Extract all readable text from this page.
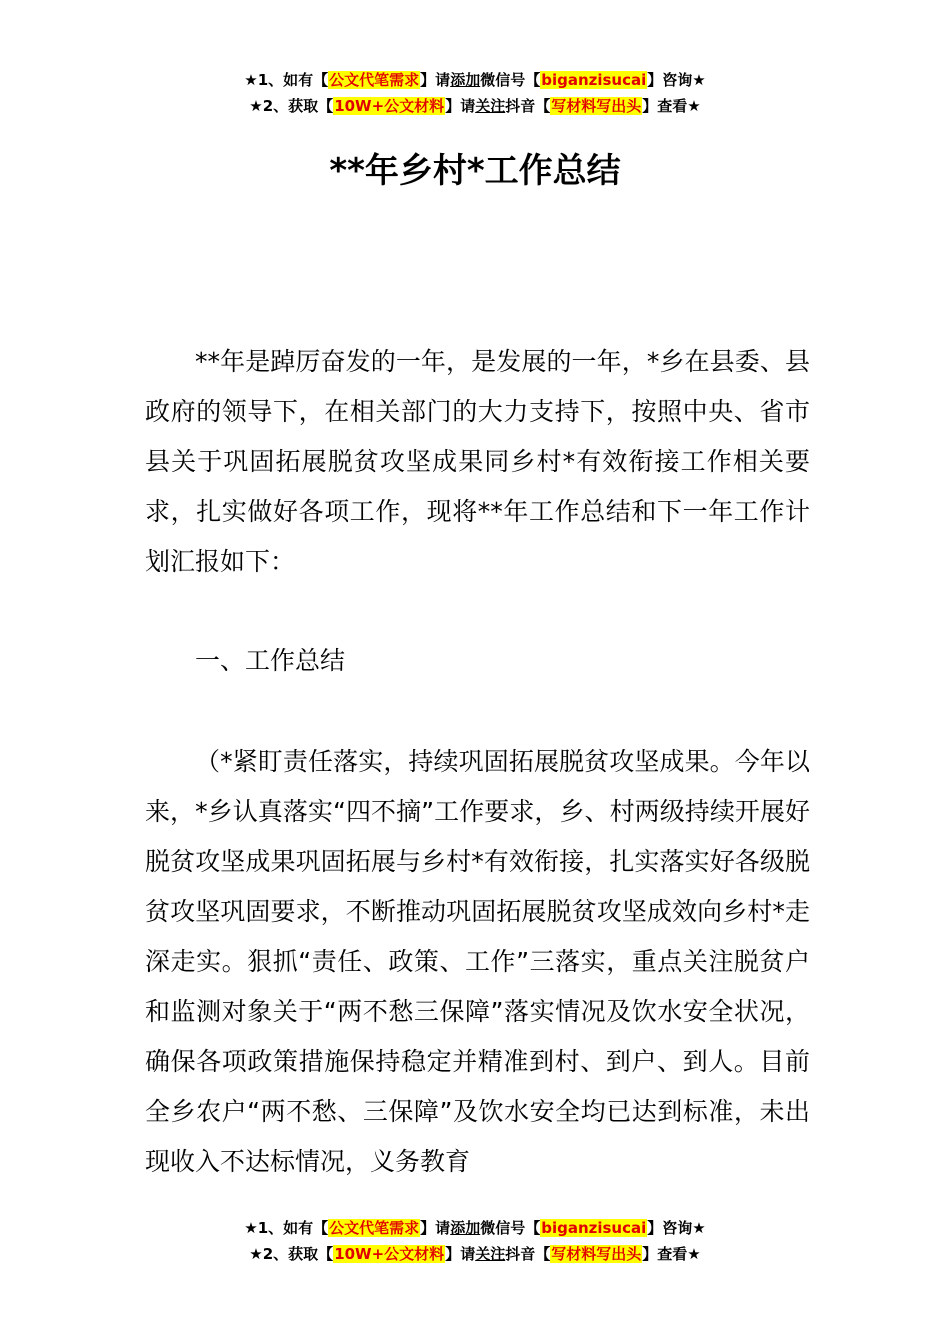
★1、如有【公文代笔需求】请添加微信号【biganzisucai】咨询★
★2、获取【10W+公文材料】请关注抖音【写材料写出头】查看★
**年乡村*工作总结

**年是踔厉奋发的一年，是发展的一年，*乡在县委、县政府的领导下，在相关部门的大力支持下，按照中央、省市县关于巩固拓展脱贫攻坚成果同乡村*有效衔接工作相关要求，扎实做好各项工作，现将**年工作总结和下一年工作计划汇报如下：

一、工作总结

（*紧盯责任落实，持续巩固拓展脱贫攻坚成果。今年以来，*乡认真落实“四不摘”工作要求，乡、村两级持续开展好脱贫攻坚成果巩固拓展与乡村*有效衔接，扎实落实好各级脱贫攻坚巩固要求，不断推动巩固拓展脱贫攻坚成效向乡村*走深走实。狠抓“责任、政策、工作”三落实，重点关注脱贫户和监测对象关于“两不愁三保障”落实情况及饮水安全状况，确保各项政策措施保持稳定并精准到村、到户、到人。目前全乡农户“两不愁、三保障”及饮水安全均已达到标准，未出现收入不达标情况，义务教育

★1、如有【公文代笔需求】请添加微信号【biganzisucai】咨询★
★2、获取【10W+公文材料】请关注抖音【写材料写出头】查看★
